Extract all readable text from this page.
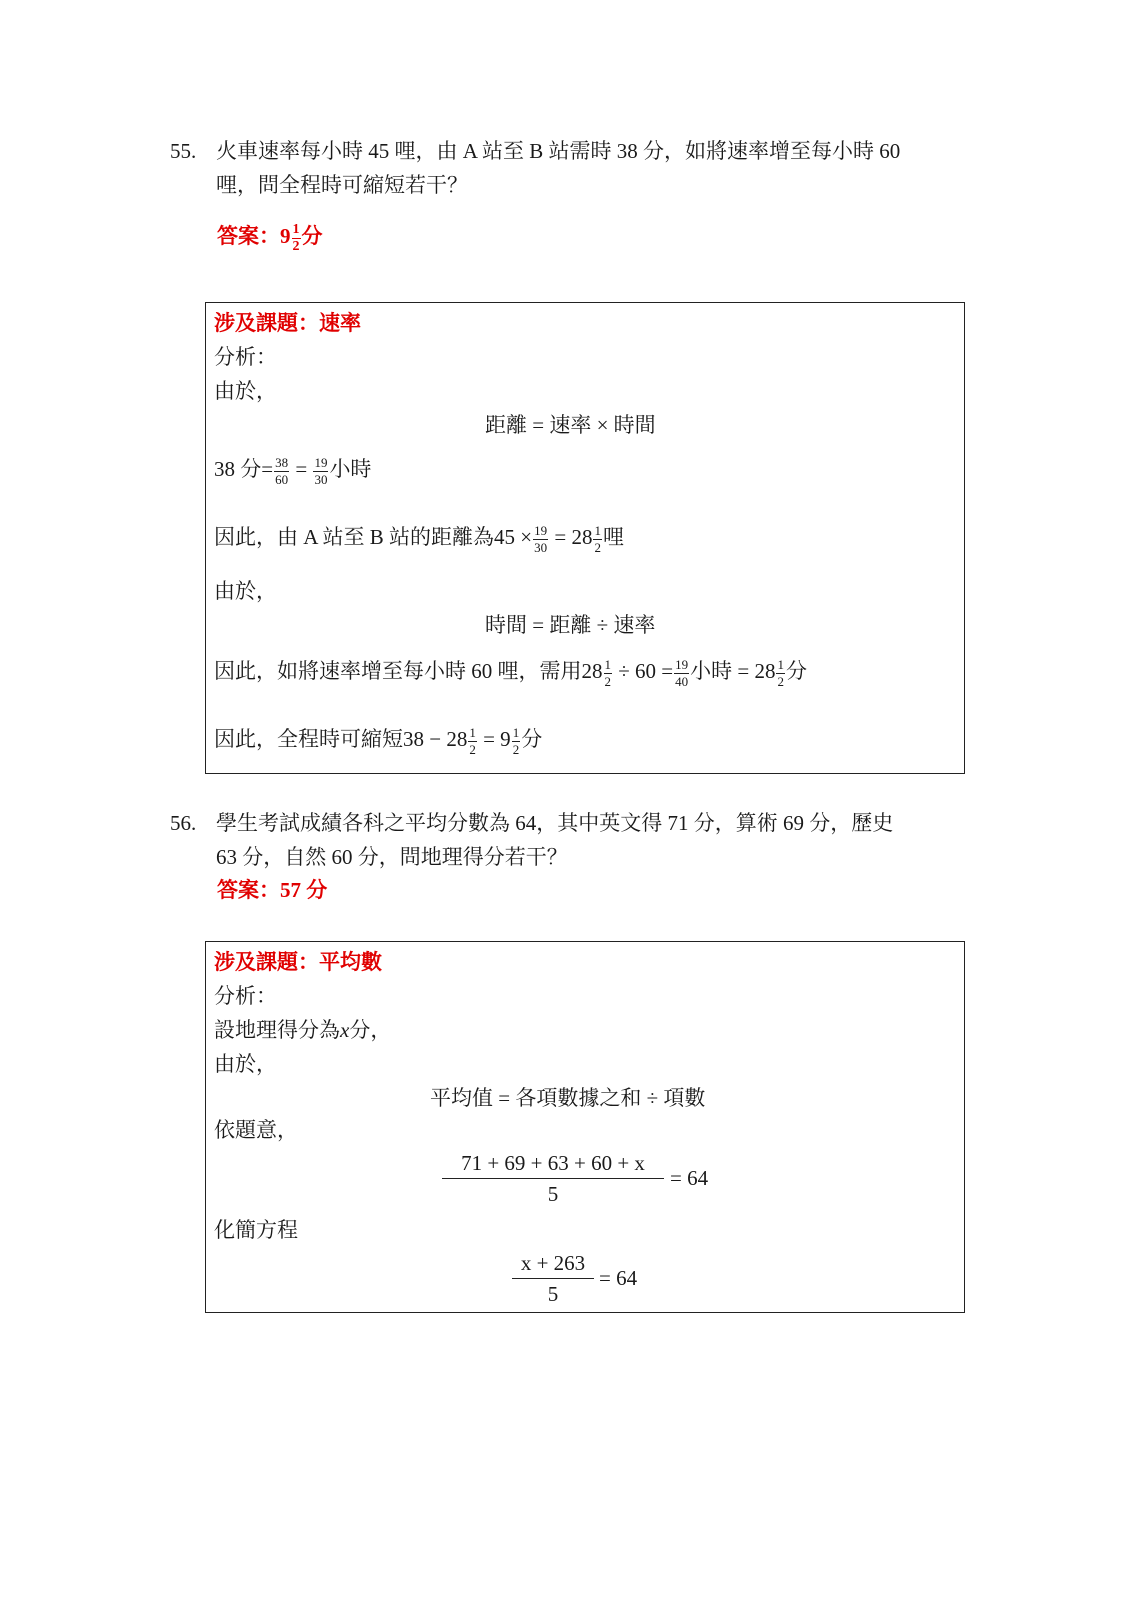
55. 火車速率每小時 45 哩，由 A 站至 B 站需時 38 分，如將速率增至每小時 60
哩，問全程時可縮短若干？
答案：$9 \frac{1}{2}$ 分
涉及課題：速率
分析：
由於，
距離 = 速率 × 時間
38 分= $\frac{38}{60} = \frac{19}{30}$ 小時
因此，由 A 站至 B 站的距離為$45 \times \frac{19}{30} = 28 \frac{1}{2}$ 哩
由於，
時間 = 距離 ÷ 速率
因此，如將速率增至每小時 60 哩，需用$28 \frac{1}{2} \div 60 = \frac{19}{40}$ 小時 = $28 \frac{1}{2}$ 分
因此，全程時可縮短$38 - 28 \frac{1}{2} = 9 \frac{1}{2}$ 分
56. 學生考試成績各科之平均分數為 64，其中英文得 71 分，算術 69 分，歷史
63 分，自然 60 分，問地理得分若干？
答案：57 分
涉及課題：平均數
分析：
設地理得分為x分，
由於，
平均值 = 各項數據之和 ÷ 項數
依題意，
$\frac{71 + 69 + 63 + 60 + x}{5} = 64$
化簡方程
$\frac{x + 263}{5} = 64$
